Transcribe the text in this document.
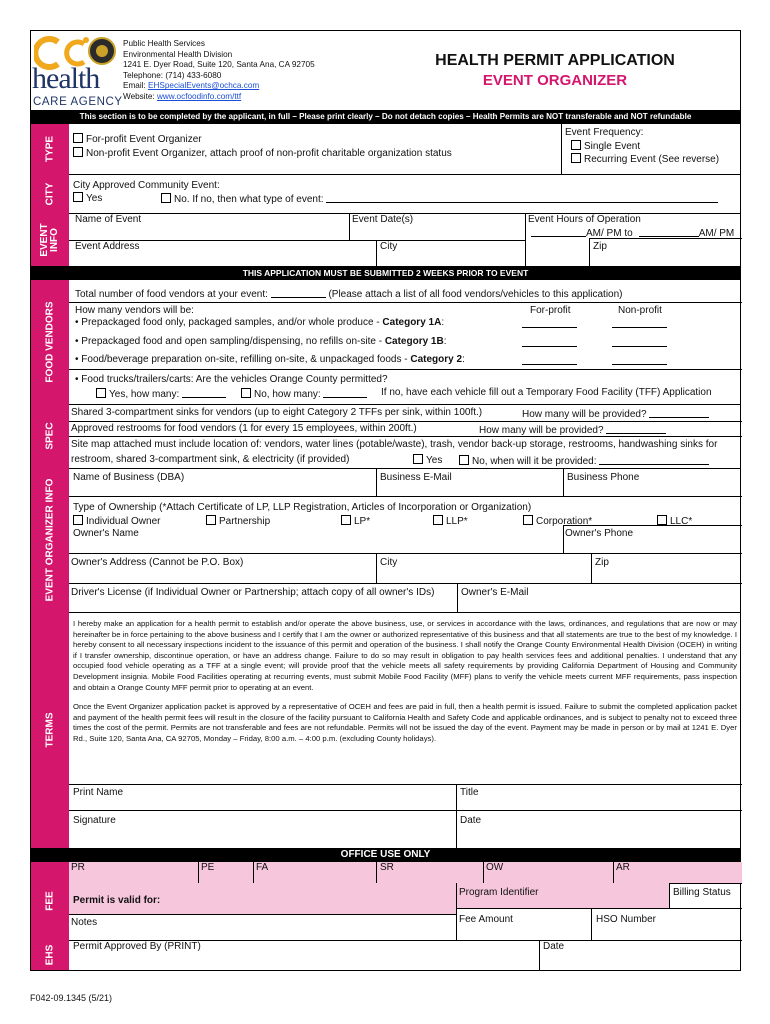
health
CARE AGENCY
Public Health Services
Environmental Health Division
1241 E. Dyer Road, Suite 120, Santa Ana, CA 92705
Telephone: (714) 433-6080
Email: EHSpecialEvents@ochca.com
Website: www.ocfoodinfo.com/ttf
HEALTH PERMIT APPLICATION
EVENT ORGANIZER
This section is to be completed by the applicant, in full – Please print clearly – Do not detach copies – Health Permits are NOT transferable and NOT refundable
TYPE	For-profit Event Organizer
Non-profit Event Organizer, attach proof of non-profit charitable organization status
Event Frequency:
Single Event
Recurring Event (See reverse)
CITY City Approved Community Event:
Yes	No. If no, then what type of event:
EVENT INFO
Name of Event	Event Date(s)	Event Hours of Operation
AM/ PM to	AM/ PM
Event Address	City	Zip
THIS APPLICATION MUST BE SUBMITTED 2 WEEKS PRIOR TO EVENT
FOOD VENDORS
Total number of food vendors at your event:	(Please attach a list of all food vendors/vehicles to this application)
How many vendors will be:	For-profit	Non-profit
• Prepackaged food only, packaged samples, and/or whole produce - Category 1A:
• Prepackaged food and open sampling/dispensing, no refills on-site - Category 1B:
• Food/beverage preparation on-site, refilling on-site, & unpackaged foods - Category 2:
• Food trucks/trailers/carts: Are the vehicles Orange County permitted?
Yes, how many:	No, how many:	If no, have each vehicle fill out a Temporary Food Facility (TFF) Application
SPEC
Shared 3-compartment sinks for vendors (up to eight Category 2 TFFs per sink, within 100ft.)	How many will be provided?
Approved restrooms for food vendors (1 for every 15 employees, within 200ft.)	How many will be provided?
Site map attached must include location of: vendors, water lines (potable/waste), trash, vendor back-up storage, restrooms, handwashing sinks for
restroom, shared 3-compartment sink, & electricity (if provided)	Yes	No, when will it be provided:
EVENT ORGANIZER INFO
Name of Business (DBA)	Business E-Mail	Business Phone
Type of Ownership (*Attach Certificate of LP, LLP Registration, Articles of Incorporation or Organization)
Individual Owner	Partnership	LP*	LLP*	Corporation*	LLC*
Owner's Name	Owner's Phone
Owner's Address (Cannot be P.O. Box)	City	Zip
Driver's License (if Individual Owner or Partnership; attach copy of all owner's IDs)	Owner's E-Mail
TERMS

I hereby make an application for a health permit to establish and/or operate the above business, use, or services in accordance with the laws, ordinances, and regulations that are now or may hereinafter be in force pertaining to the above business and I certify that I am the owner or authorized representative of this business and that all statements are true to the best of my knowledge. I hereby consent to all necessary inspections incident to the issuance of this permit and operation of the business. I shall notify the Orange County Environmental Health Division (OCEH) in writing if I transfer ownership, discontinue operation, or have an address change. Failure to do so may result in obligation to pay health services fees and additional penalties. I understand that any occupied food vehicle operating as a TFF at a single event; will provide proof that the vehicle meets all safety requirements by providing California Department of Housing and Community Development insignia. Mobile Food Facilities operating at recurring events, must submit Mobile Food Facility (MFF) plans to verify the vehicle meets current MFF requirements, pass inspection and obtain a Orange County MFF permit prior to operating at an event.

Once the Event Organizer application packet is approved by a representative of OCEH and fees are paid in full, then a health permit is issued. Failure to submit the completed application packet and payment of the health permit fees will result in the closure of the facility pursuant to California Health and Safety Code and applicable ordinances, and is subject to penalty not to exceed three times the cost of the permit. Permits are not transferable and fees are not refundable. Permits will not be issued the day of the event. Payment may be made in person or by mail at 1241 E. Dyer Rd., Suite 120, Santa Ana, CA 92705, Monday – Friday, 8:00 a.m. – 4:00 p.m. (excluding County holidays).

Print Name	Title
Signature	Date
OFFICE USE ONLY
FEE
EHS
PR	PE	FA	SR	OW	AR
Permit is valid for:
Program Identifier	Billing Status
Notes	Fee Amount	HSO Number
Permit Approved By (PRINT)	Date
F042-09.1345 (5/21)
